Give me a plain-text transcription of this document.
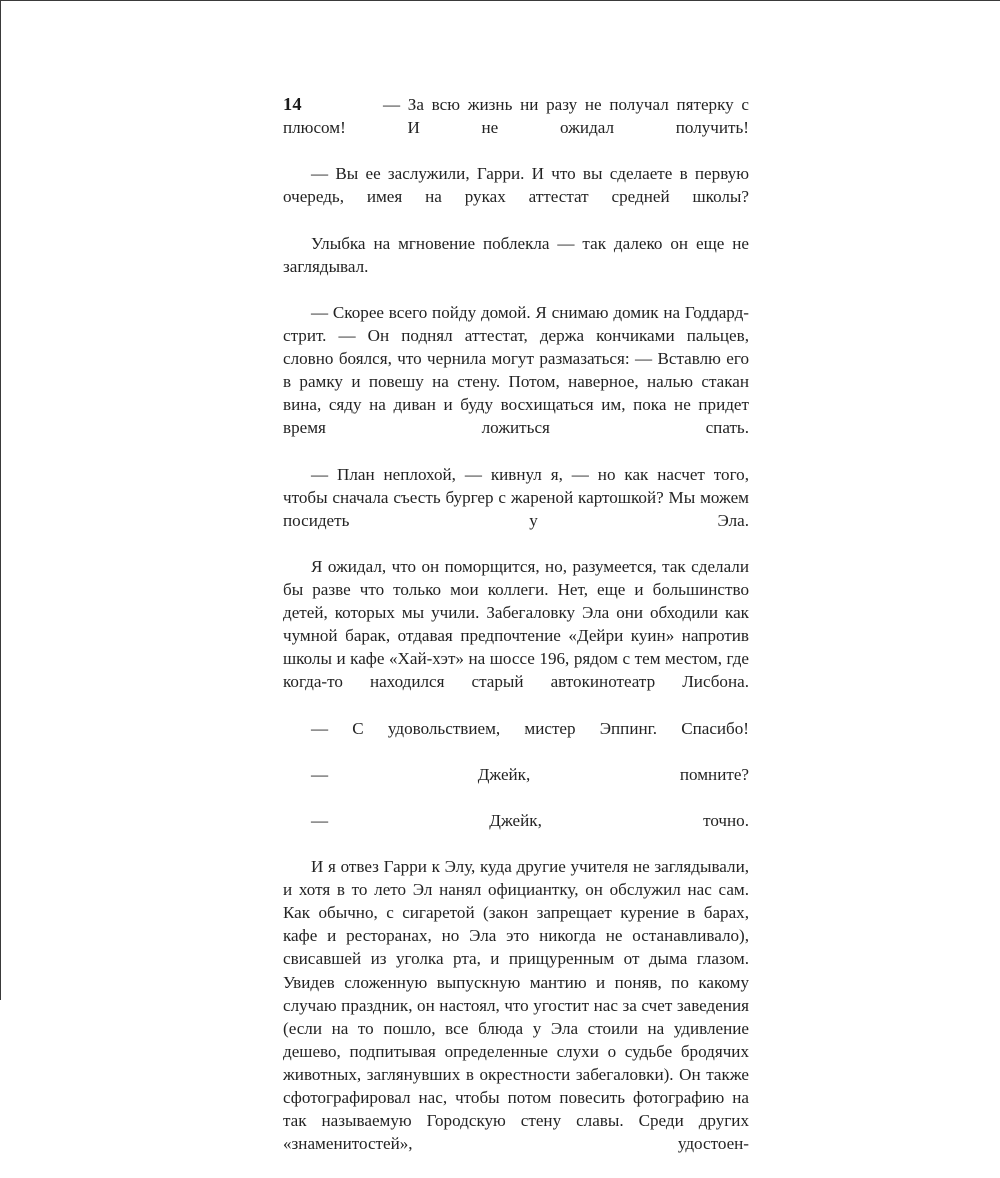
14	— За всю жизнь ни разу не получал пятерку с плюсом! И не ожидал получить!

— Вы ее заслужили, Гарри. И что вы сделаете в первую очередь, имея на руках аттестат средней школы?

Улыбка на мгновение поблекла — так далеко он еще не заглядывал.

— Скорее всего пойду домой. Я снимаю домик на Годдард-стрит. — Он поднял аттестат, держа кончиками пальцев, словно боялся, что чернила могут размазаться: — Вставлю его в рамку и повешу на стену. Потом, наверное, налью стакан вина, сяду на диван и буду восхищаться им, пока не придет время ложиться спать.

— План неплохой, — кивнул я, — но как насчет того, чтобы сначала съесть бургер с жареной картошкой? Мы можем посидеть у Эла.

Я ожидал, что он поморщится, но, разумеется, так сделали бы разве что только мои коллеги. Нет, еще и большинство детей, которых мы учили. Забегаловку Эла они обходили как чумной барак, отдавая предпочтение «Дейри куин» напротив школы и кафе «Хай-хэт» на шоссе 196, рядом с тем местом, где когда-то находился старый автокинотеатр Лисбона.

— С удовольствием, мистер Эппинг. Спасибо!

— Джейк, помните?

— Джейк, точно.

И я отвез Гарри к Элу, куда другие учителя не заглядывали, и хотя в то лето Эл нанял официантку, он обслужил нас сам. Как обычно, с сигаретой (закон запрещает курение в барах, кафе и ресторанах, но Эла это никогда не останавливало), свисавшей из уголка рта, и прищуренным от дыма глазом. Увидев сложенную выпускную мантию и поняв, по какому случаю праздник, он настоял, что угостит нас за счет заведения (если на то пошло, все блюда у Эла стоили на удивление дешево, подпитывая определенные слухи о судьбе бродячих животных, заглянувших в окрестности забегаловки). Он также сфотографировал нас, чтобы потом повесить фотографию на так называемую Городскую стену славы. Среди других «знаменитостей», удостоен-
